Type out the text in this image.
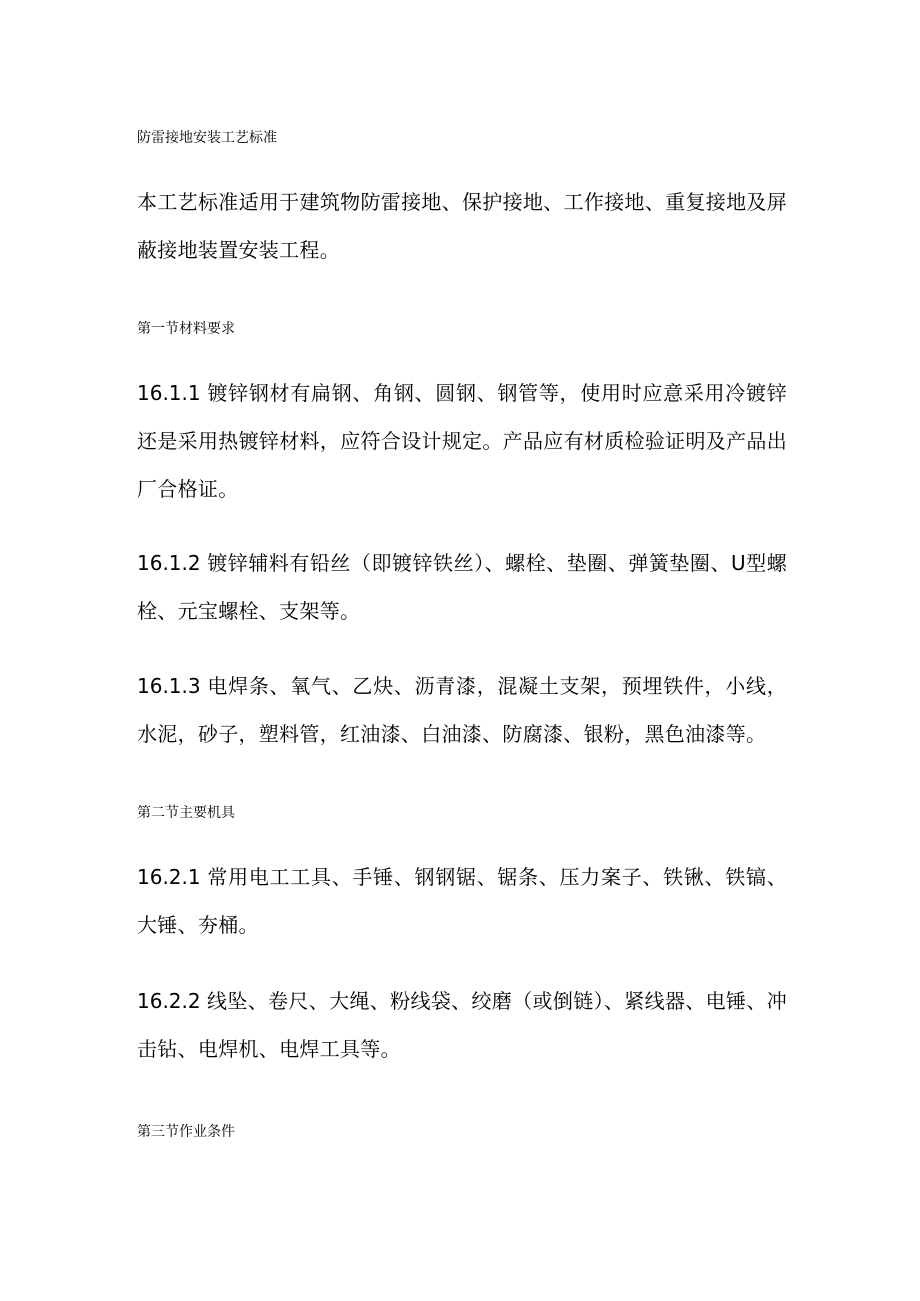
防雷接地安装工艺标准

本工艺标准适用于建筑物防雷接地、保护接地、工作接地、重复接地及屏蔽接地装置安装工程。

第一节材料要求

16.1.1 镀锌钢材有扁钢、角钢、圆钢、钢管等，使用时应意采用冷镀锌还是采用热镀锌材料，应符合设计规定。产品应有材质检验证明及产品出厂合格证。

16.1.2 镀锌辅料有铅丝（即镀锌铁丝）、螺栓、垫圈、弹簧垫圈、U型螺栓、元宝螺栓、支架等。

16.1.3 电焊条、氧气、乙炔、沥青漆，混凝土支架，预埋铁件，小线，水泥，砂子，塑料管，红油漆、白油漆、防腐漆、银粉，黑色油漆等。

第二节主要机具

16.2.1 常用电工工具、手锤、钢钢锯、锯条、压力案子、铁锹、铁镐、大锤、夯桶。

16.2.2 线坠、卷尺、大绳、粉线袋、绞磨（或倒链）、紧线器、电锤、冲击钻、电焊机、电焊工具等。

第三节作业条件
